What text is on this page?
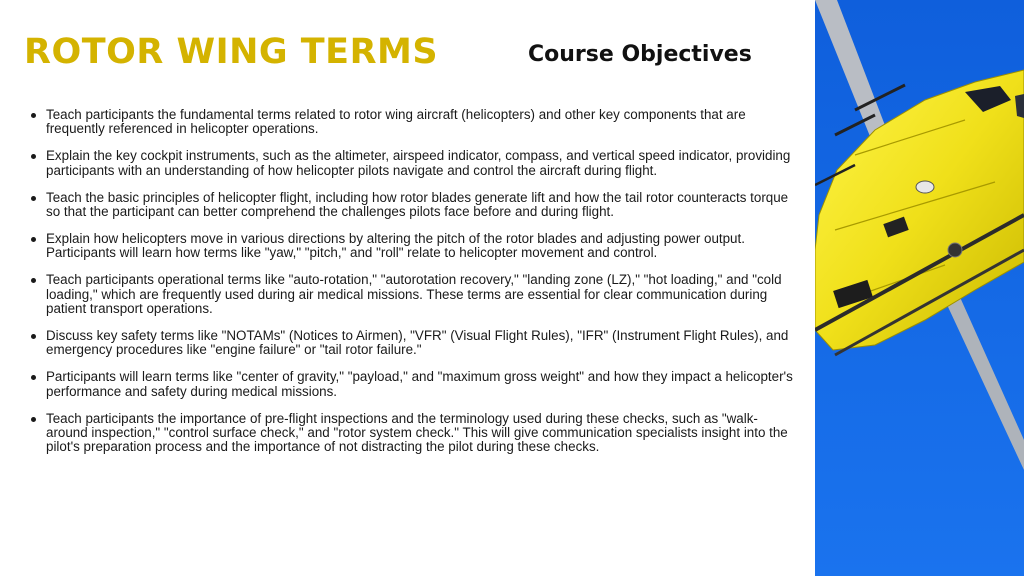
ROTOR WING TERMS	Course Objectives
Teach participants the fundamental terms related to rotor wing aircraft (helicopters) and other key components that are frequently referenced in helicopter operations.
Explain the key cockpit instruments, such as the altimeter, airspeed indicator, compass, and vertical speed indicator, providing participants with an understanding of how helicopter pilots navigate and control the aircraft during flight.
Teach the basic principles of helicopter flight, including how rotor blades generate lift and how the tail rotor counteracts torque so that the participant can better comprehend the challenges pilots face before and during flight.
Explain how helicopters move in various directions by altering the pitch of the rotor blades and adjusting power output. Participants will learn how terms like "yaw," "pitch," and "roll" relate to helicopter movement and control.
Teach participants operational terms like "auto-rotation," "autorotation recovery," "landing zone (LZ)," "hot loading," and "cold loading," which are frequently used during air medical missions. These terms are essential for clear communication during patient transport operations.
Discuss key safety terms like "NOTAMs" (Notices to Airmen), "VFR" (Visual Flight Rules), "IFR" (Instrument Flight Rules), and emergency procedures like "engine failure" or "tail rotor failure."
Participants will learn terms like "center of gravity," "payload," and "maximum gross weight" and how they impact a helicopter's performance and safety during medical missions.
Teach participants the importance of pre-flight inspections and the terminology used during these checks, such as "walk-around inspection," "control surface check," and "rotor system check." This will give communication specialists insight into the pilot's preparation process and the importance of not distracting the pilot during these checks.
